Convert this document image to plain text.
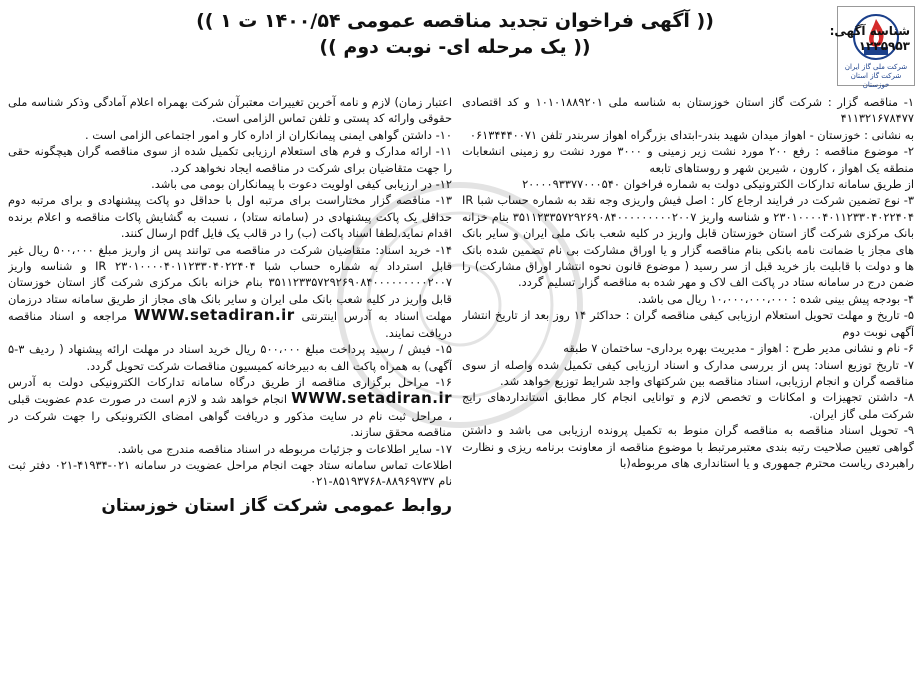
شرکت ملی گاز ایران
شرکت گاز استان خوزستان
شناسه آگهی:
۱۲۳۵۹۵۳
(( آگهی فراخوان تجدید مناقصه عمومی ۱۴۰۰/۵۴ ت ۱ ))
(( یک مرحله ای- نوبت دوم ))

۱- مناقصه گزار : شرکت گاز استان خوزستان به شناسه ملی ۱۰۱۰۱۸۸۹۲۰۱ و کد اقتصادی ۴۱۱۳۲۱۶۷۸۴۷۷

به نشانی : خوزستان - اهواز میدان شهید بندر-ابتدای بزرگراه اهواز سربندر تلفن ۰۶۱۳۴۴۴۰۰۷۱

۲- موضوع مناقصه : رفع ۲۰۰ مورد نشت زیر زمینی و ۳۰۰۰ مورد نشت رو زمینی انشعابات منطقه یک اهواز ، کارون ، شیرین شهر و روستاهای تابعه

از طریق سامانه تدارکات الکترونیکی دولت به شماره فراخوان ۲۰۰۰۰۹۳۳۷۷۰۰۰۵۴۰

۳- نوع تضمین شرکت در فرایند ارجاع کار : اصل فیش واریزی وجه نقد به شماره حساب شبا IR ۲۳۰۱۰۰۰۰۴۰۱۱۲۳۳۰۴۰۲۲۴۰۴ و شناسه واریز ۳۵۱۱۲۳۳۵۷۲۹۲۶۹۰۸۴۰۰۰۰۰۰۰۰۰۲۰۰۷ بنام خزانه بانک مرکزی شرکت گاز استان خوزستان قابل واریز در کلیه شعب بانک ملی ایران و سایر بانک های مجاز یا ضمانت نامه بانکی بنام مناقصه گزار و یا اوراق مشارکت بی نام تضمین شده بانک ها و دولت با قابلیت باز خرید قبل از سر رسید ( موضوع قانون نحوه انتشار اوراق مشارکت) را ضمن درج در سامانه ستاد در پاکت الف لاک و مهر شده به مناقصه گزار تسلیم گردد.

۴- بودجه پیش بینی شده : ۱۰،۰۰۰،۰۰۰،۰۰۰ ریال می باشد.

۵- تاریخ و مهلت تحویل استعلام ارزیابی کیفی مناقصه گران : حداکثر ۱۴ روز بعد از تاریخ انتشار آگهی نوبت دوم

۶- نام و نشانی مدیر طرح : اهواز - مدیریت بهره برداری- ساختمان ۷ طبقه

۷- تاریخ توزیع اسناد: پس از بررسی مدارک و اسناد ارزیابی کیفی تکمیل شده واصله از سوی مناقصه گران و انجام ارزیابی، اسناد مناقصه بین شرکتهای واجد شرایط توزیع خواهد شد.

۸- داشتن تجهیزات و امکانات و تخصص لازم و توانایی انجام کار مطابق استانداردهای رایج شرکت ملی گاز ایران.

۹- تحویل اسناد مناقصه به مناقصه گران منوط به تکمیل پرونده ارزیابی می باشد و داشتن گواهی تعیین صلاحیت رتبه بندی معتبرمرتبط با موضوع مناقصه از معاونت برنامه ریزی و نظارت راهبردی ریاست محترم جمهوری و یا استانداری های مربوطه(با

اعتبار زمان) لازم و نامه آخرین تغییرات معتبرآن شرکت بهمراه اعلام آمادگی وذکر شناسه ملی حقوقی وارائه کد پستی و تلفن تماس الزامی است.

۱۰- داشتن گواهی ایمنی پیمانکاران از اداره کار و امور اجتماعی الزامی است .

۱۱- ارائه مدارک و فرم های استعلام ارزیابی تکمیل شده از سوی مناقصه گران هیچگونه حقی را جهت متقاضیان برای شرکت در مناقصه ایجاد نخواهد کرد.

۱۲- در ارزیابی کیفی اولویت دعوت با پیمانکاران بومی می باشد.

۱۳- مناقصه گزار مختاراست برای مرتبه اول با حداقل دو پاکت پیشنهادی و برای مرتبه دوم حداقل یک پاکت پیشنهادی در (سامانه ستاد) ، نسبت به گشایش پاکات مناقصه و اعلام برنده اقدام نماید.لطفا اسناد پاکت (ب) را در قالب یک فایل pdf ارسال کنند.

۱۴- خرید اسناد: متقاضیان شرکت در مناقصه می توانند پس از واریز مبلغ ۵۰۰،۰۰۰ ریال غیر قابل استرداد به شماره حساب شبا IR ۲۳۰۱۰۰۰۰۴۰۱۱۲۳۳۰۴۰۲۲۴۰۴ و شناسه واریز ۳۵۱۱۲۳۳۵۷۲۹۲۶۹۰۸۴۰۰۰۰۰۰۰۰۰۲۰۰۷ بنام خزانه بانک مرکزی شرکت گاز استان خوزستان قابل واریز در کلیه شعب بانک ملی ایران و سایر بانک های مجاز از طریق سامانه ستاد درزمان مهلت اسناد به آدرس اینترنتی WWW.setadiran.ir مراجعه و اسناد مناقصه دریافت نمایند.

۱۵- فیش / رسید پرداخت مبلغ ۵۰۰،۰۰۰ ریال خرید اسناد در مهلت ارائه پیشنهاد ( ردیف ۳-۵ آگهی) به همراه پاکت الف به دبیرخانه کمیسیون مناقصات شرکت تحویل گردد.

۱۶- مراحل برگزاری مناقصه از طریق درگاه سامانه تدارکات الکترونیکی دولت به آدرس WWW.setadiran.ir انجام خواهد شد و لازم است در صورت عدم عضویت قبلی ، مراحل ثبت نام در سایت مذکور و دریافت گواهی امضای الکترونیکی را جهت شرکت در مناقصه محقق سازند.

۱۷- سایر اطلاعات و جزئیات مربوطه در اسناد مناقصه مندرج می باشد.

اطلاعات تماس سامانه ستاد جهت انجام مراحل عضویت در سامانه ۰۲۱-۴۱۹۳۴-۰۲۱ دفتر ثبت نام ۸۸۹۶۹۷۳۷-۸۵۱۹۳۷۶۸-۰۲۱

روابط عمومی شرکت گاز استان خوزستان
